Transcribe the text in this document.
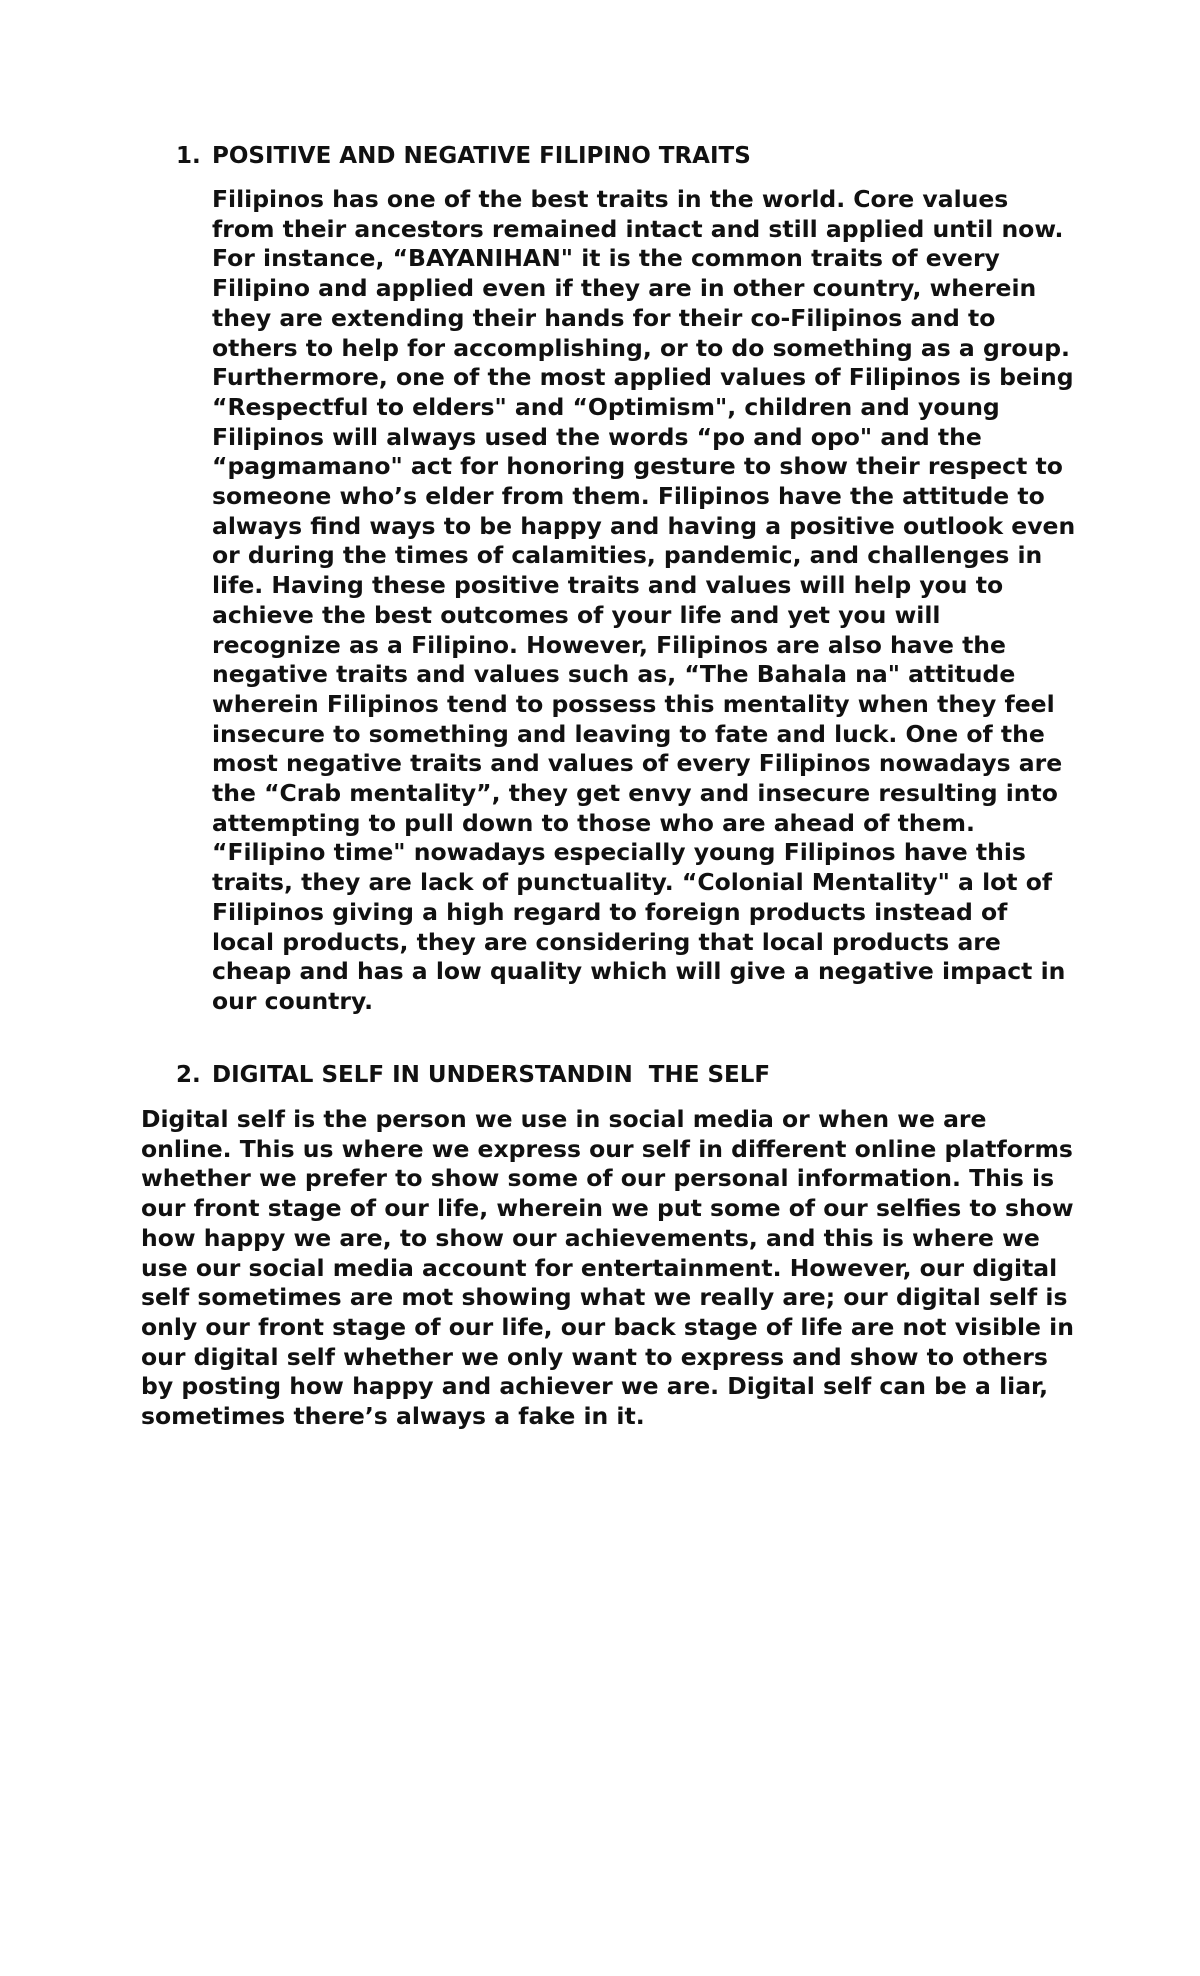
1. POSITIVE AND NEGATIVE FILIPINO TRAITS
Filipinos has one of the best traits in the world. Core values from their ancestors remained intact and still applied until now. For instance, “BAYANIHAN" it is the common traits of every Filipino and applied even if they are in other country, wherein they are extending their hands for their co-Filipinos and to others to help for accomplishing, or to do something as a group. Furthermore, one of the most applied values of Filipinos is being “Respectful to elders" and “Optimism", children and young Filipinos will always used the words “po and opo" and the “pagmamano" act for honoring gesture to show their respect to someone who’s elder from them. Filipinos have the attitude to always find ways to be happy and having a positive outlook even or during the times of calamities, pandemic, and challenges in life. Having these positive traits and values will help you to achieve the best outcomes of your life and yet you will recognize as a Filipino. However, Filipinos are also have the negative traits and values such as, “The Bahala na" attitude wherein Filipinos tend to possess this mentality when they feel insecure to something and leaving to fate and luck. One of the most negative traits and values of every Filipinos nowadays are the “Crab mentality”, they get envy and insecure resulting into attempting to pull down to those who are ahead of them. “Filipino time" nowadays especially young Filipinos have this traits, they are lack of punctuality. “Colonial Mentality" a lot of Filipinos giving a high regard to foreign products instead of local products, they are considering that local products are cheap and has a low quality which will give a negative impact in our country.
2. DIGITAL SELF IN UNDERSTANDIN  THE SELF
Digital self is the person we use in social media or when we are online. This us where we express our self in different online platforms whether we prefer to show some of our personal information. This is our front stage of our life, wherein we put some of our selfies to show how happy we are, to show our achievements, and this is where we use our social media account for entertainment. However, our digital self sometimes are mot showing what we really are; our digital self is only our front stage of our life, our back stage of life are not visible in our digital self whether we only want to express and show to others by posting how happy and achiever we are. Digital self can be a liar, sometimes there’s always a fake in it.
